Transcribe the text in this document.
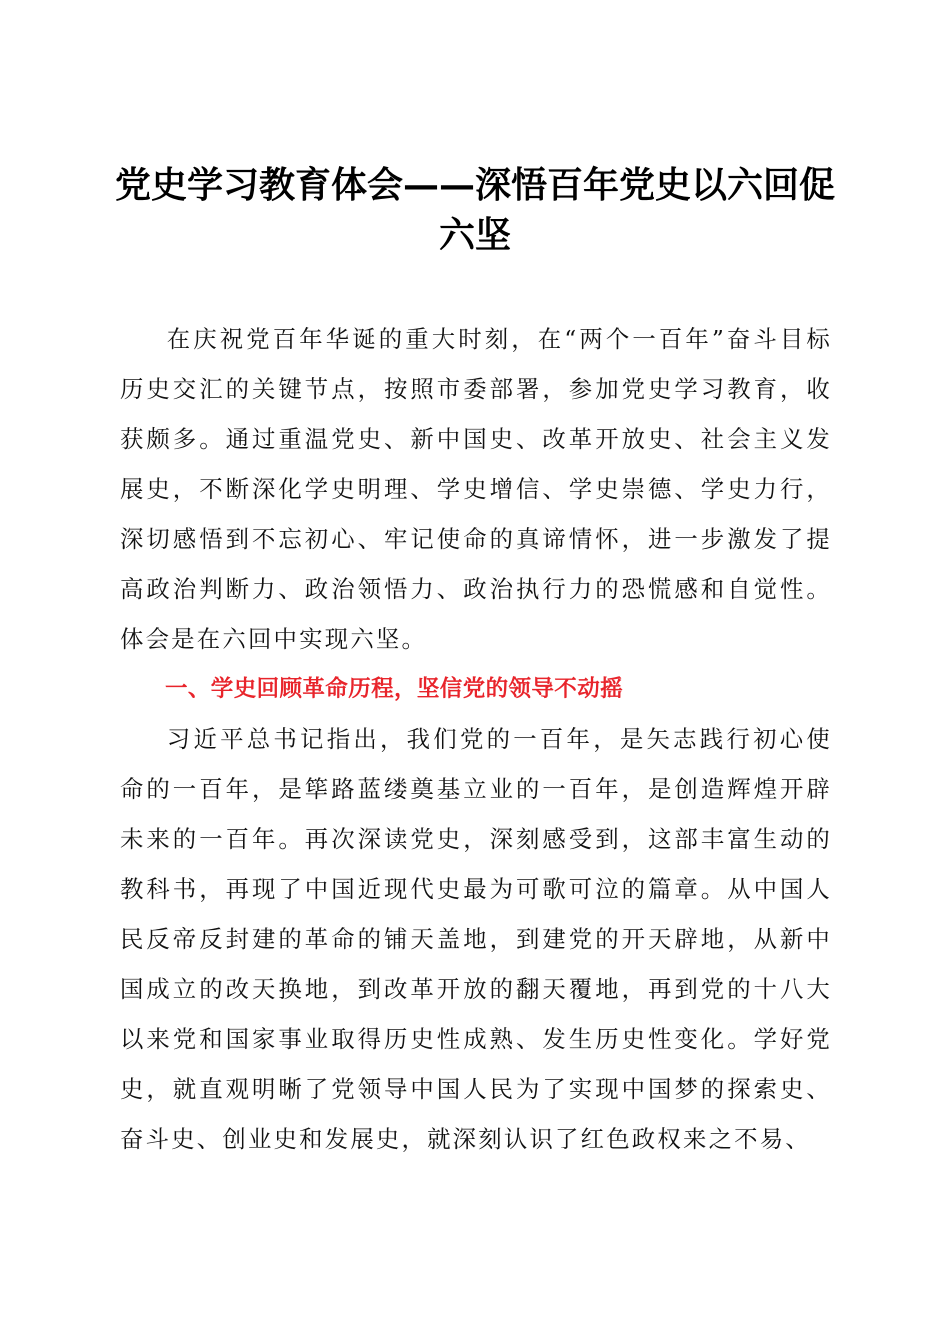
党史学习教育体会——深悟百年党史以六回促六坚

在庆祝党百年华诞的重大时刻，在“两个一百年”奋斗目标历史交汇的关键节点，按照市委部署，参加党史学习教育，收获颇多。通过重温党史、新中国史、改革开放史、社会主义发展史，不断深化学史明理、学史增信、学史崇德、学史力行，深切感悟到不忘初心、牢记使命的真谛情怀，进一步激发了提高政治判断力、政治领悟力、政治执行力的恐慌感和自觉性。体会是在六回中实现六坚。

一、学史回顾革命历程，坚信党的领导不动摇

习近平总书记指出，我们党的一百年，是矢志践行初心使命的一百年，是筚路蓝缕奠基立业的一百年，是创造辉煌开辟未来的一百年。再次深读党史，深刻感受到，这部丰富生动的教科书，再现了中国近现代史最为可歌可泣的篇章。从中国人民反帝反封建的革命的铺天盖地，到建党的开天辟地，从新中国成立的改天换地，到改革开放的翻天覆地，再到党的十八大以来党和国家事业取得历史性成熟、发生历史性变化。学好党史，就直观明晰了党领导中国人民为了实现中国梦的探索史、奋斗史、创业史和发展史，就深刻认识了红色政权来之不易、
